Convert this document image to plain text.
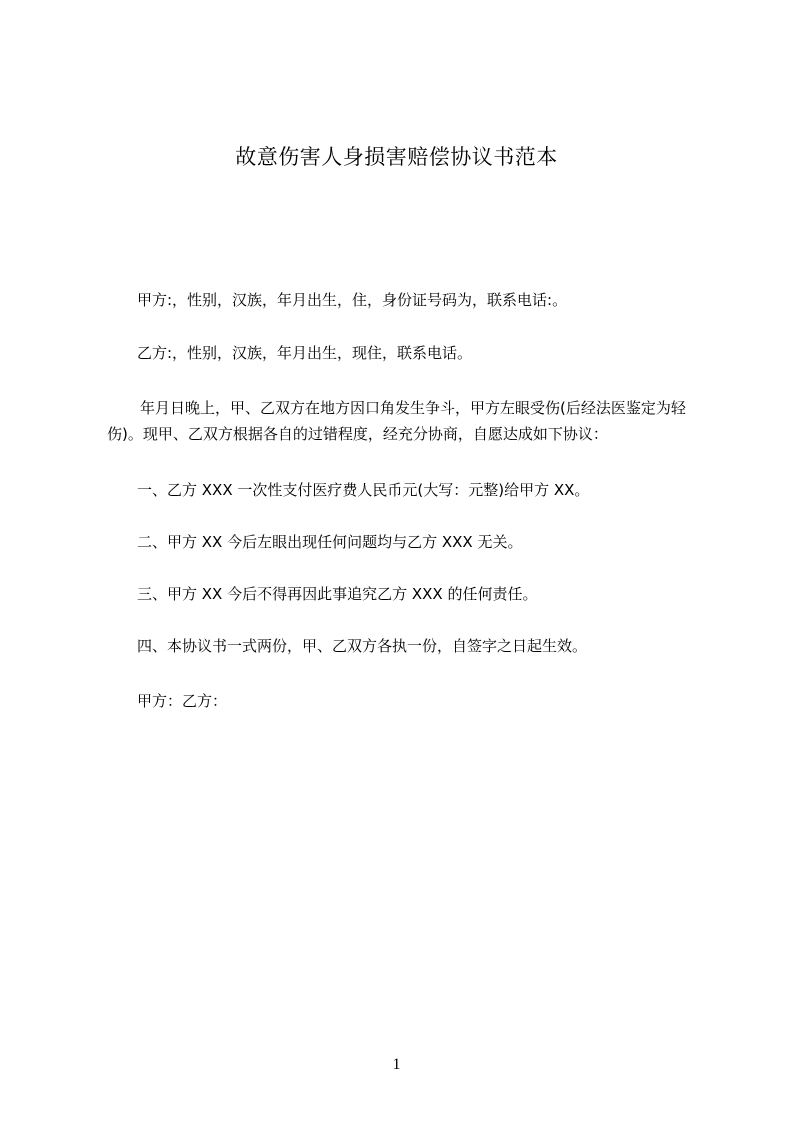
故意伤害人身损害赔偿协议书范本

甲方:，性别，汉族，年月出生，住，身份证号码为，联系电话:。

乙方:，性别，汉族，年月出生，现住，联系电话。

年月日晚上，甲、乙双方在地方因口角发生争斗，甲方左眼受伤(后经法医鉴定为轻伤)。现甲、乙双方根据各自的过错程度，经充分协商，自愿达成如下协议：

一、乙方 XXX 一次性支付医疗费人民币元(大写：元整)给甲方 XX。

二、甲方 XX 今后左眼出现任何问题均与乙方 XXX 无关。

三、甲方 XX 今后不得再因此事追究乙方 XXX 的任何责任。

四、本协议书一式两份，甲、乙双方各执一份，自签字之日起生效。

甲方：乙方：

1
